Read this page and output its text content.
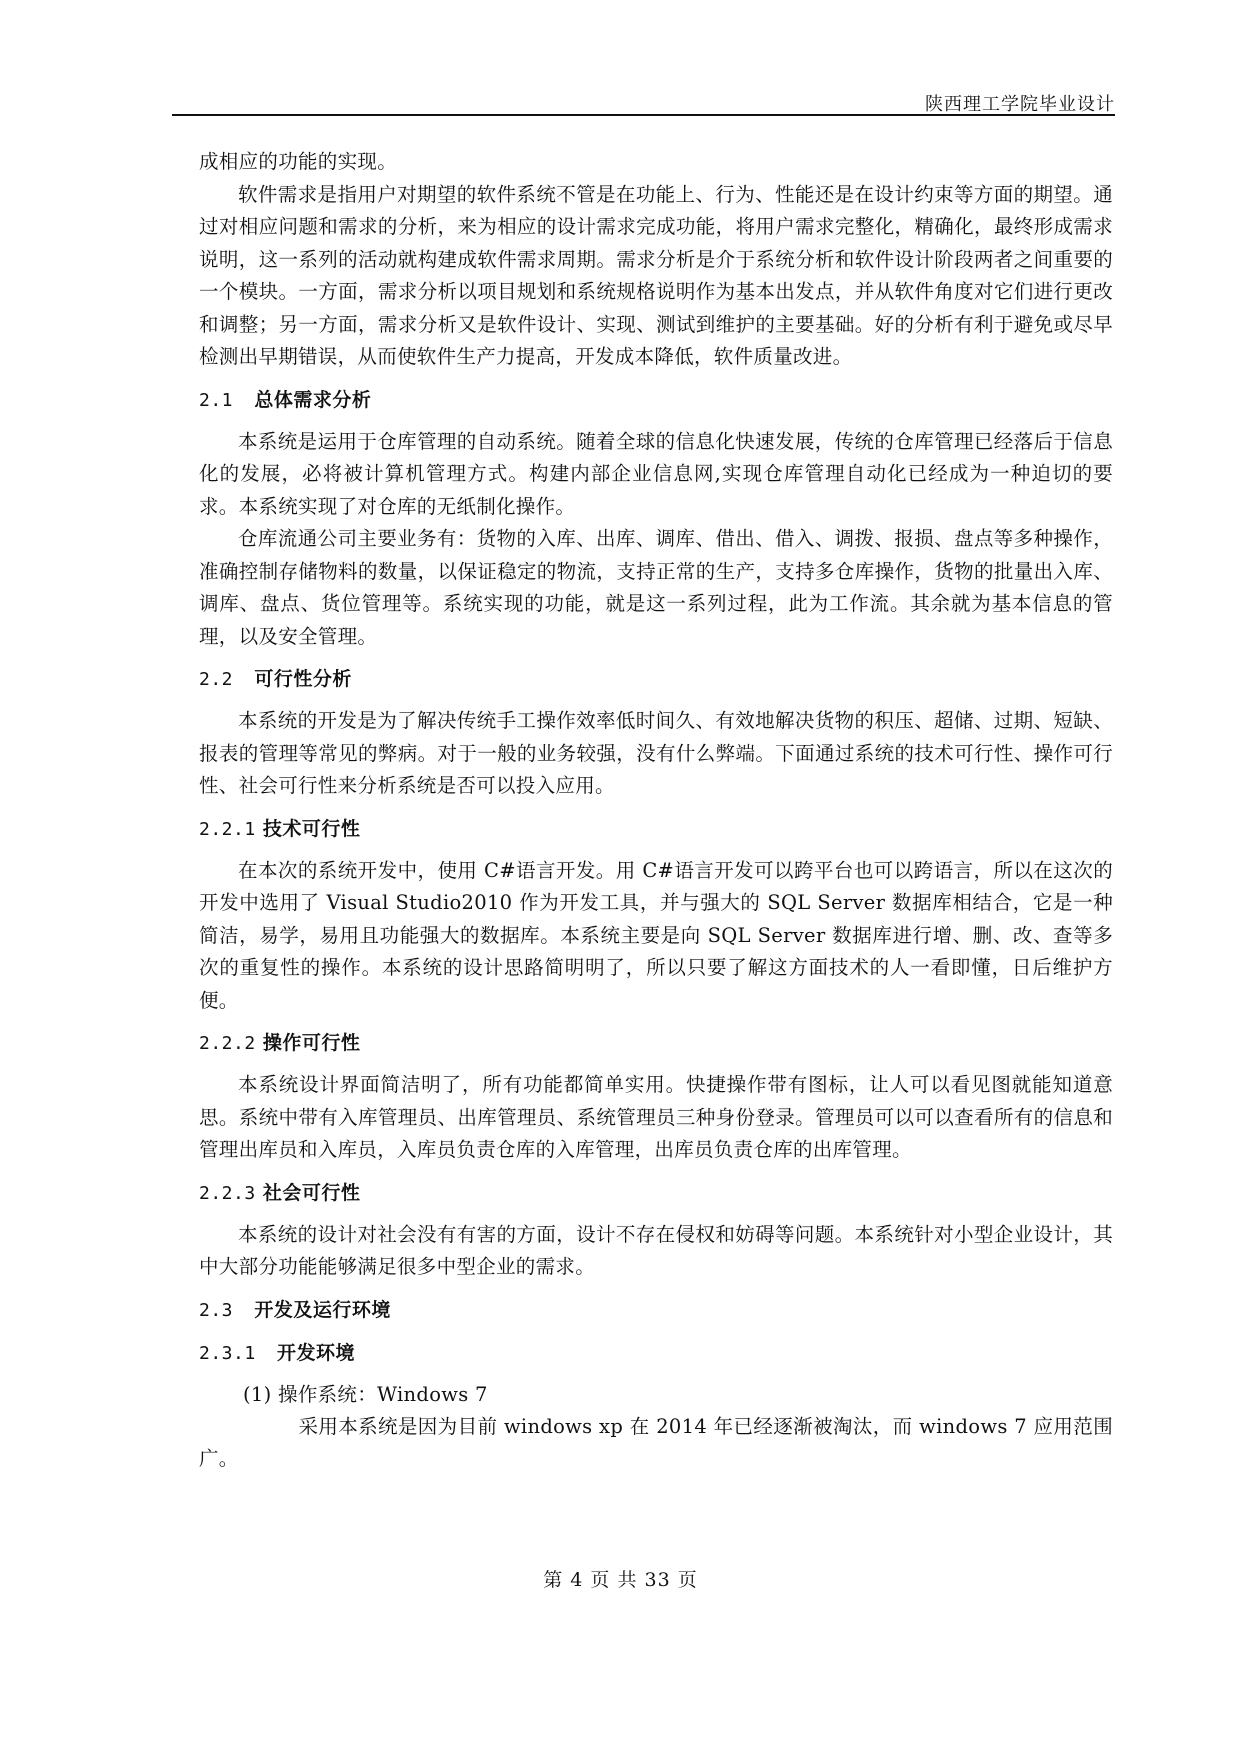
陕西理工学院毕业设计

成相应的功能的实现。

软件需求是指用户对期望的软件系统不管是在功能上、行为、性能还是在设计约束等方面的期望。通过对相应问题和需求的分析，来为相应的设计需求完成功能，将用户需求完整化，精确化，最终形成需求说明，这一系列的活动就构建成软件需求周期。需求分析是介于系统分析和软件设计阶段两者之间重要的一个模块。一方面，需求分析以项目规划和系统规格说明作为基本出发点，并从软件角度对它们进行更改和调整；另一方面，需求分析又是软件设计、实现、测试到维护的主要基础。好的分析有利于避免或尽早检测出早期错误，从而使软件生产力提高，开发成本降低，软件质量改进。

2.1 总体需求分析

本系统是运用于仓库管理的自动系统。随着全球的信息化快速发展，传统的仓库管理已经落后于信息化的发展，必将被计算机管理方式。构建内部企业信息网,实现仓库管理自动化已经成为一种迫切的要求。本系统实现了对仓库的无纸制化操作。

仓库流通公司主要业务有：货物的入库、出库、调库、借出、借入、调拨、报损、盘点等多种操作，准确控制存储物料的数量，以保证稳定的物流，支持正常的生产，支持多仓库操作，货物的批量出入库、调库、盘点、货位管理等。系统实现的功能，就是这一系列过程，此为工作流。其余就为基本信息的管理，以及安全管理。

2.2 可行性分析

本系统的开发是为了解决传统手工操作效率低时间久、有效地解决货物的积压、超储、过期、短缺、报表的管理等常见的弊病。对于一般的业务较强，没有什么弊端。下面通过系统的技术可行性、操作可行性、社会可行性来分析系统是否可以投入应用。

2.2.1 技术可行性

在本次的系统开发中，使用 C#语言开发。用 C#语言开发可以跨平台也可以跨语言，所以在这次的开发中选用了 Visual Studio2010 作为开发工具，并与强大的 SQL Server 数据库相结合，它是一种简洁，易学，易用且功能强大的数据库。本系统主要是向 SQL Server 数据库进行增、删、改、查等多次的重复性的操作。本系统的设计思路简明明了，所以只要了解这方面技术的人一看即懂，日后维护方便。

2.2.2 操作可行性

本系统设计界面简洁明了，所有功能都简单实用。快捷操作带有图标，让人可以看见图就能知道意思。系统中带有入库管理员、出库管理员、系统管理员三种身份登录。管理员可以可以查看所有的信息和管理出库员和入库员，入库员负责仓库的入库管理，出库员负责仓库的出库管理。

2.2.3 社会可行性

本系统的设计对社会没有有害的方面，设计不存在侵权和妨碍等问题。本系统针对小型企业设计，其中大部分功能能够满足很多中型企业的需求。

2.3 开发及运行环境
2.3.1 开发环境

(1) 操作系统：Windows 7

采用本系统是因为目前 windows xp 在 2014 年已经逐渐被淘汰，而 windows 7 应用范围广。

第 4 页 共 33 页
